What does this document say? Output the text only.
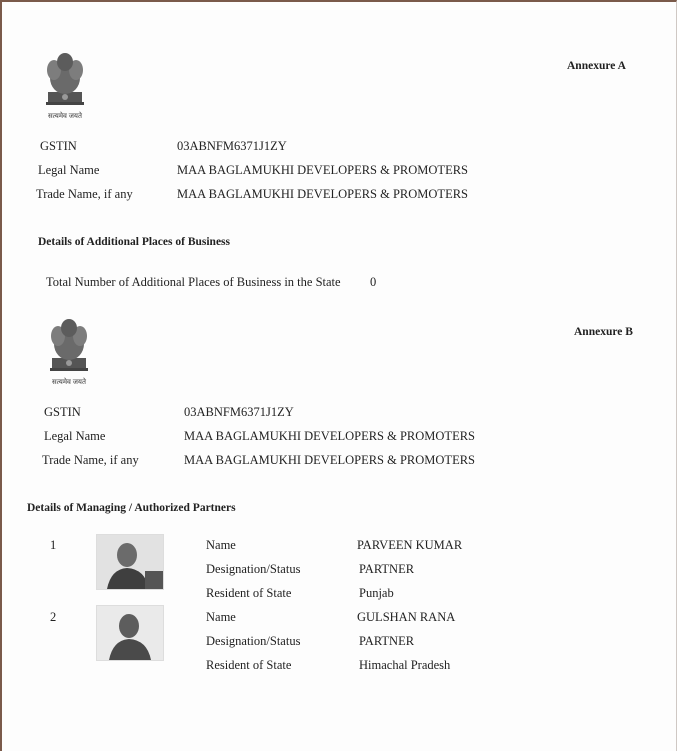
सत्यमेव जयते
Annexure A
GSTIN	03ABNFM6371J1ZY
Legal Name	MAA BAGLAMUKHI DEVELOPERS & PROMOTERS
Trade Name, if any	MAA BAGLAMUKHI DEVELOPERS & PROMOTERS
Details of Additional Places of Business
Total Number of Additional Places of Business in the State 0
सत्यमेव जयते
Annexure B
GSTIN	03ABNFM6371J1ZY
Legal Name	MAA BAGLAMUKHI DEVELOPERS & PROMOTERS
Trade Name, if any	MAA BAGLAMUKHI DEVELOPERS & PROMOTERS
Details of Managing / Authorized Partners
1	Name	PARVEEN KUMAR
Designation/Status	PARTNER
Resident of State	Punjab
2	Name	GULSHAN RANA
Designation/Status	PARTNER
Resident of State	Himachal Pradesh
